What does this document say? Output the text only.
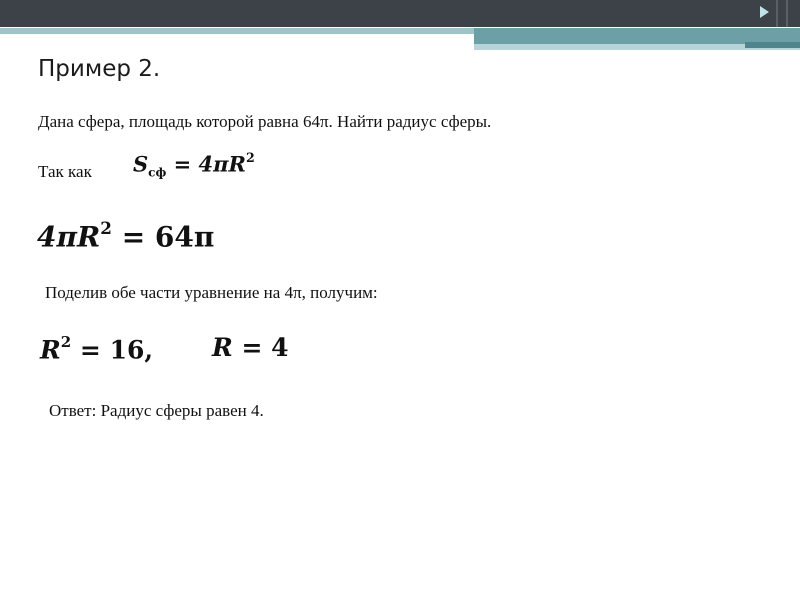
Пример 2.
Дана сфера, площадь которой равна 64π. Найти радиус сферы.
Так как $S_{сф} = 4\pi R^2$
$4\pi R^2 = 64\pi$
Поделив обе части уравнение на 4π, получим:
$R^2 = 16$, R = 4
Ответ: Радиус сферы равен 4.
